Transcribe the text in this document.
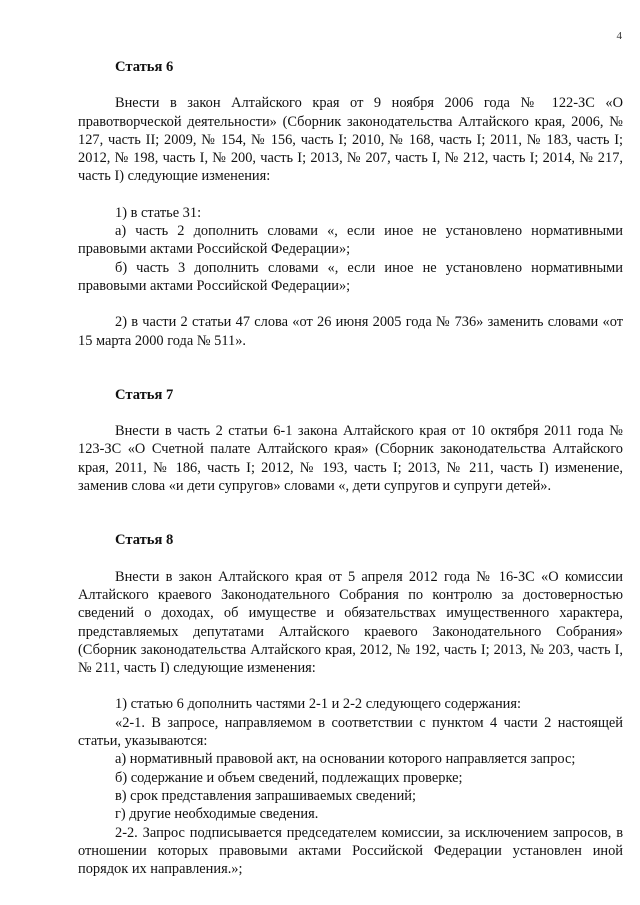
4

Статья 6

Внести в закон Алтайского края от 9 ноября 2006 года № 122-ЗС «О правотворческой деятельности» (Сборник законодательства Алтайского края, 2006, № 127, часть II; 2009, № 154, № 156, часть I; 2010, № 168, часть I; 2011, № 183, часть I; 2012, № 198, часть I, № 200, часть I; 2013, № 207, часть I, № 212, часть I; 2014, № 217, часть I) следующие изменения:

1) в статье 31:

а) часть 2 дополнить словами «, если иное не установлено нормативными правовыми актами Российской Федерации»;

б) часть 3 дополнить словами «, если иное не установлено нормативными правовыми актами Российской Федерации»;

2) в части 2 статьи 47 слова «от 26 июня 2005 года № 736» заменить словами «от 15 марта 2000 года № 511».

Статья 7

Внести в часть 2 статьи 6-1 закона Алтайского края от 10 октября 2011 года № 123-ЗС «О Счетной палате Алтайского края» (Сборник законодательства Алтайского края, 2011, № 186, часть I; 2012, № 193, часть I; 2013, № 211, часть I) изменение, заменив слова «и дети супругов» словами «, дети супругов и супруги детей».

Статья 8

Внести в закон Алтайского края от 5 апреля 2012 года № 16-ЗС «О комиссии Алтайского краевого Законодательного Собрания по контролю за достоверностью сведений о доходах, об имуществе и обязательствах имущественного характера, представляемых депутатами Алтайского краевого Законодательного Собрания» (Сборник законодательства Алтайского края, 2012, № 192, часть I; 2013, № 203, часть I, № 211, часть I) следующие изменения:

1) статью 6 дополнить частями 2-1 и 2-2 следующего содержания:

«2-1. В запросе, направляемом в соответствии с пунктом 4 части 2 настоящей статьи, указываются:

а) нормативный правовой акт, на основании которого направляется запрос;

б) содержание и объем сведений, подлежащих проверке;

в) срок представления запрашиваемых сведений;

г) другие необходимые сведения.

2-2. Запрос подписывается председателем комиссии, за исключением запросов, в отношении которых правовыми актами Российской Федерации установлен иной порядок их направления.»;
